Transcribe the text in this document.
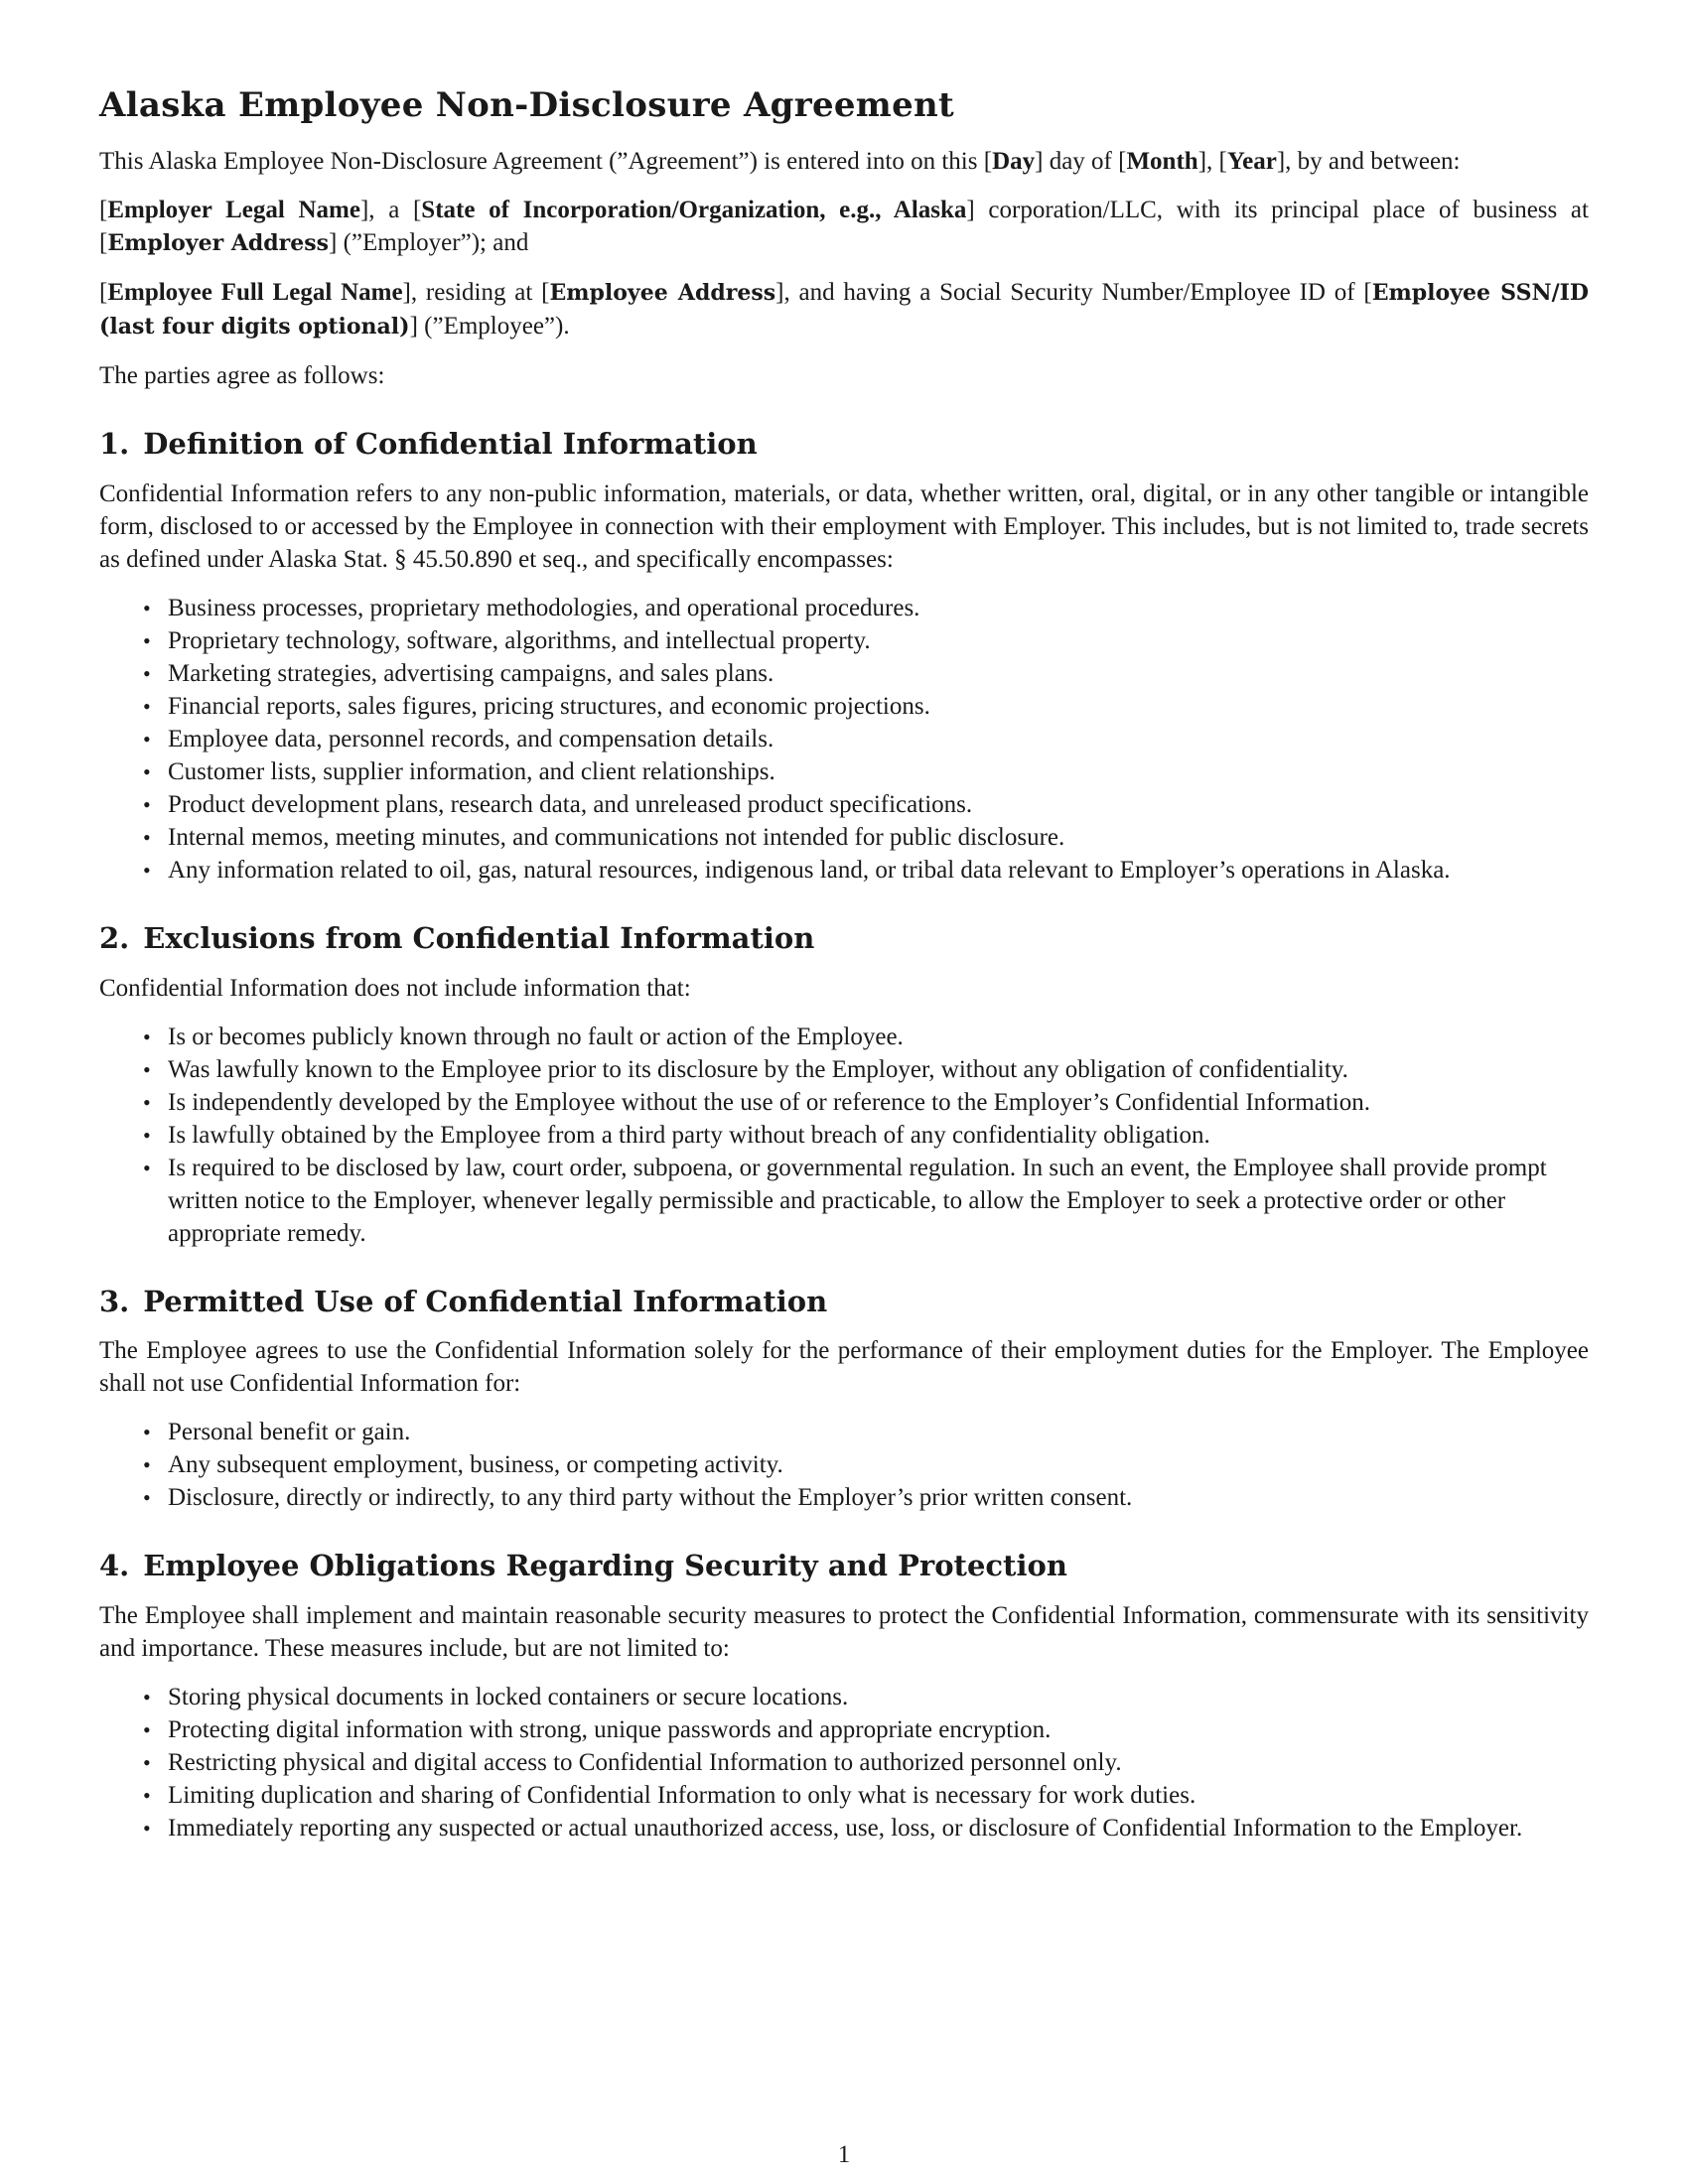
Alaska Employee Non-Disclosure Agreement

This Alaska Employee Non-Disclosure Agreement (”Agreement”) is entered into on this [Day] day of [Month], [Year], by and between:

[Employer Legal Name], a [State of Incorporation/Organization, e.g., Alaska] corporation/LLC, with its principal place of business at [Employer Address] (”Employer”); and

[Employee Full Legal Name], residing at [Employee Address], and having a Social Security Number/Employee ID of [Employee SSN/ID (last four digits optional)] (”Employee”).

The parties agree as follows:

1. Definition of Confidential Information

Confidential Information refers to any non-public information, materials, or data, whether written, oral, digital, or in any other tangible or intangible form, disclosed to or accessed by the Employee in connection with their employment with Employer. This includes, but is not limited to, trade secrets as defined under Alaska Stat. § 45.50.890 et seq., and specifically encompasses:

• Business processes, proprietary methodologies, and operational procedures.
• Proprietary technology, software, algorithms, and intellectual property.
• Marketing strategies, advertising campaigns, and sales plans.
• Financial reports, sales figures, pricing structures, and economic projections.
• Employee data, personnel records, and compensation details.
• Customer lists, supplier information, and client relationships.
• Product development plans, research data, and unreleased product specifications.
• Internal memos, meeting minutes, and communications not intended for public disclosure.
• Any information related to oil, gas, natural resources, indigenous land, or tribal data relevant to Employer’s operations in Alaska.
2. Exclusions from Confidential Information

Confidential Information does not include information that:

• Is or becomes publicly known through no fault or action of the Employee.
• Was lawfully known to the Employee prior to its disclosure by the Employer, without any obligation of confidentiality.
• Is independently developed by the Employee without the use of or reference to the Employer’s Confidential Information.
• Is lawfully obtained by the Employee from a third party without breach of any confidentiality obligation.
• Is required to be disclosed by law, court order, subpoena, or governmental regulation. In such an event, the Employee shall provide prompt written notice to the Employer, whenever legally permissible and practicable, to allow the Employer to seek a protective order or other appropriate remedy.
3. Permitted Use of Confidential Information

The Employee agrees to use the Confidential Information solely for the performance of their employment duties for the Employer. The Employee shall not use Confidential Information for:

• Personal benefit or gain.
• Any subsequent employment, business, or competing activity.
• Disclosure, directly or indirectly, to any third party without the Employer’s prior written consent.
4. Employee Obligations Regarding Security and Protection

The Employee shall implement and maintain reasonable security measures to protect the Confidential Information, commensurate with its sensitivity and importance. These measures include, but are not limited to:

• Storing physical documents in locked containers or secure locations.
• Protecting digital information with strong, unique passwords and appropriate encryption.
• Restricting physical and digital access to Confidential Information to authorized personnel only.
• Limiting duplication and sharing of Confidential Information to only what is necessary for work duties.
• Immediately reporting any suspected or actual unauthorized access, use, loss, or disclosure of Confidential Information to the Employer.
1
